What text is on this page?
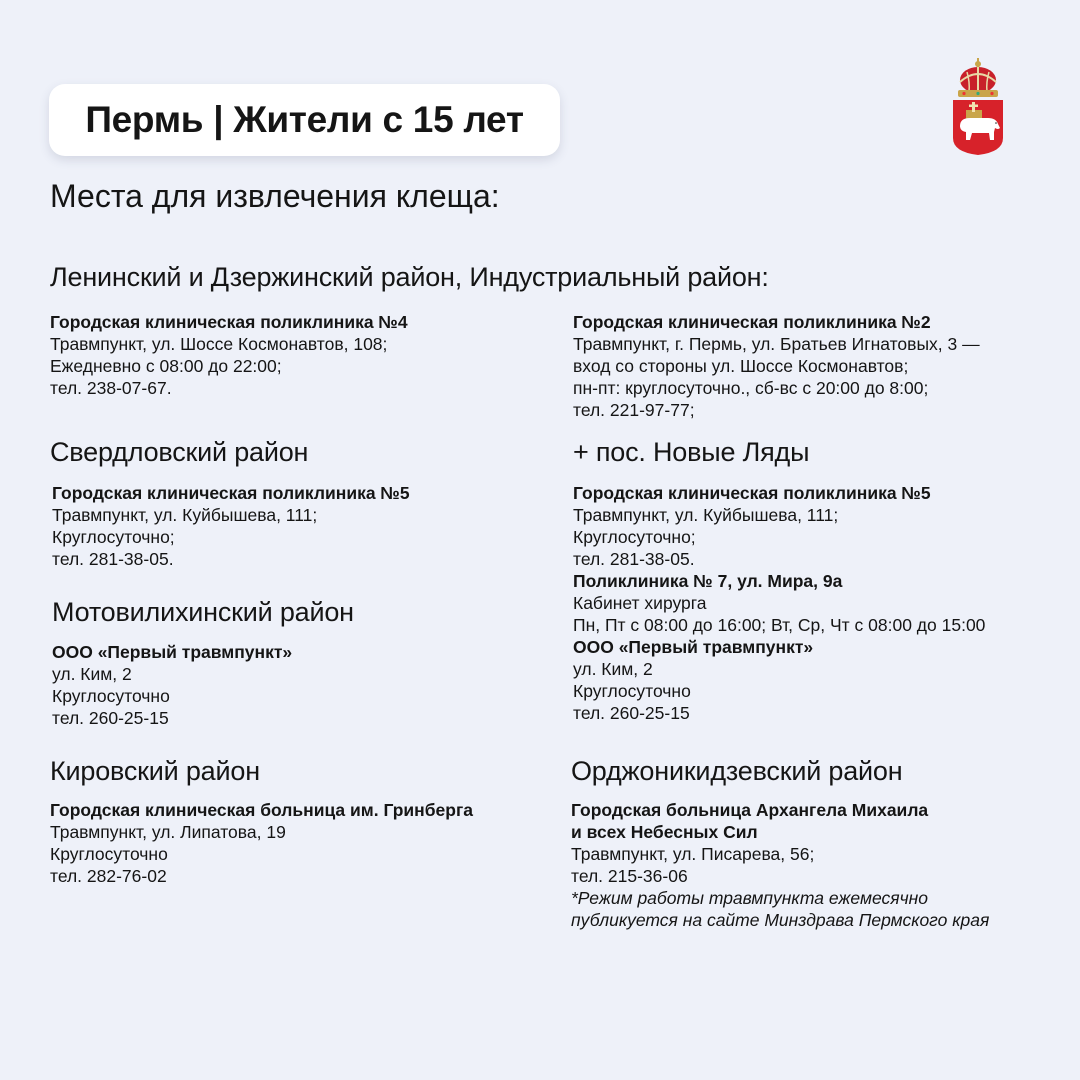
Пермь | Жители с 15 лет
Места для извлечения клеща:
Ленинский и Дзержинский район, Индустриальный район:
Городская клиническая поликлиника №4
Травмпункт, ул. Шоссе Космонавтов, 108;
Ежедневно с 08:00 до 22:00;
тел. 238-07-67.
Городская клиническая поликлиника №2
Травмпункт, г. Пермь, ул. Братьев Игнатовых, 3 —
вход со стороны ул. Шоссе Космонавтов;
пн-пт: круглосуточно., сб-вс с 20:00 до 8:00;
тел. 221-97-77;
Свердловский район
Городская клиническая поликлиника №5
Травмпункт, ул. Куйбышева, 111;
Круглосуточно;
тел. 281-38-05.
+ пос. Новые Ляды
Городская клиническая поликлиника №5
Травмпункт, ул. Куйбышева, 111;
Круглосуточно;
тел. 281-38-05.
Поликлиника № 7, ул. Мира, 9а
Кабинет хирурга
Пн, Пт с 08:00 до 16:00; Вт, Ср, Чт с 08:00 до 15:00
ООО «Первый травмпункт»
ул. Ким, 2
Круглосуточно
тел. 260-25-15
Мотовилихинский район
ООО «Первый травмпункт»
ул. Ким, 2
Круглосуточно
тел. 260-25-15
Кировский район
Городская клиническая больница им. Гринберга
Травмпункт, ул. Липатова, 19
Круглосуточно
тел. 282-76-02
Орджоникидзевский район
Городская больница Архангела Михаила
и всех Небесных Сил
Травмпункт, ул. Писарева, 56;
тел. 215-36-06
*Режим работы травмпункта ежемесячно
публикуется на сайте Минздрава Пермского края
